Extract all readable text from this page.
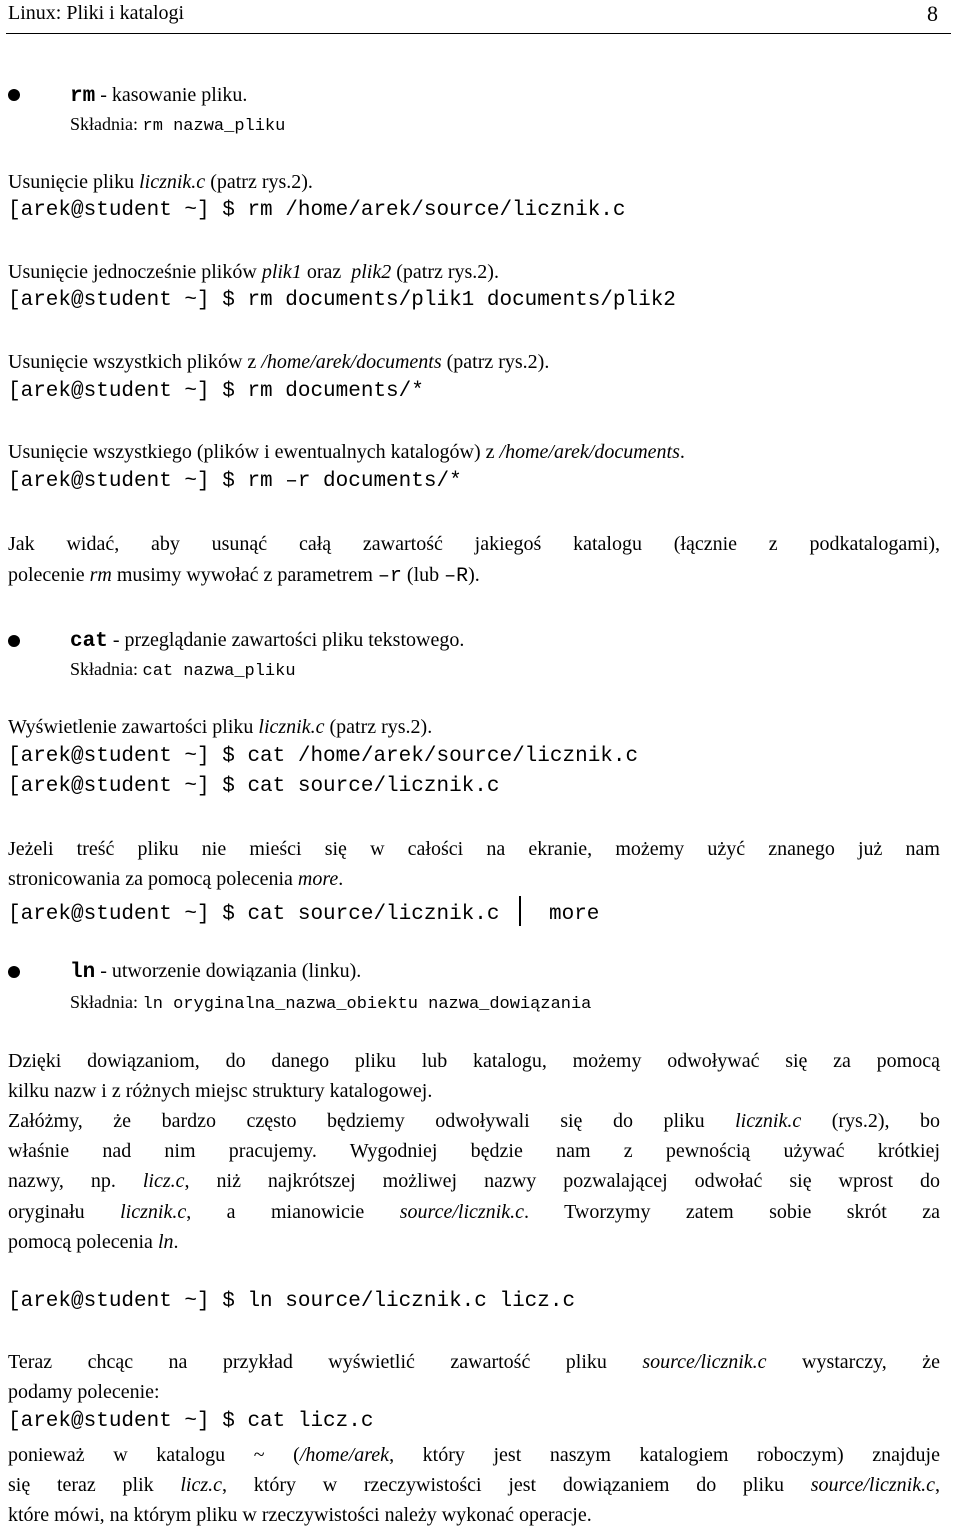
Linux: Pliki i katalogi	8
rm - kasowanie pliku.
Składnia: rm nazwa_pliku
Usunięcie pliku licznik.c (patrz rys.2).
[arek@student ~] $ rm /home/arek/source/licznik.c
Usunięcie jednocześnie plików plik1 oraz  plik2 (patrz rys.2).
[arek@student ~] $ rm documents/plik1 documents/plik2
Usunięcie wszystkich plików z /home/arek/documents (patrz rys.2).
[arek@student ~] $ rm documents/*
Usunięcie wszystkiego (plików i ewentualnych katalogów) z /home/arek/documents.
[arek@student ~] $ rm –r documents/*
Jak widać, aby usunąć całą zawartość jakiegoś katalogu (łącznie z podkatalogami),
polecenie rm musimy wywołać z parametrem –r (lub –R).
cat - przeglądanie zawartości pliku tekstowego.
Składnia: cat nazwa_pliku
Wyświetlenie zawartości pliku licznik.c (patrz rys.2).
[arek@student ~] $ cat /home/arek/source/licznik.c
[arek@student ~] $ cat source/licznik.c
Jeżeli treść pliku nie mieści się w całości na ekranie, możemy użyć znanego już nam
stronicowania za pomocą polecenia more.
[arek@student ~] $ cat source/licznik.c more
ln - utworzenie dowiązania (linku).
Składnia: ln oryginalna_nazwa_obiektu nazwa_dowiązania
Dzięki dowiązaniom, do danego pliku lub katalogu, możemy odwoływać się za pomocą
kilku nazw i z różnych miejsc struktury katalogowej.
Załóżmy, że bardzo często będziemy odwoływali się do pliku licznik.c (rys.2), bo
właśnie nad nim pracujemy. Wygodniej będzie nam z pewnością używać krótkiej
nazwy, np. licz.c, niż najkrótszej możliwej nazwy pozwalającej odwołać się wprost do
oryginału licznik.c, a mianowicie source/licznik.c. Tworzymy zatem sobie skrót za
pomocą polecenia ln.
[arek@student ~] $ ln source/licznik.c licz.c
Teraz chcąc na przykład wyświetlić zawartość pliku source/licznik.c wystarczy, że
podamy polecenie:
[arek@student ~] $ cat licz.c
ponieważ w katalogu ~ (/home/arek, który jest naszym katalogiem roboczym) znajduje
się teraz plik licz.c, który w rzeczywistości jest dowiązaniem do pliku source/licznik.c,
które mówi, na którym pliku w rzeczywistości należy wykonać operacje.
